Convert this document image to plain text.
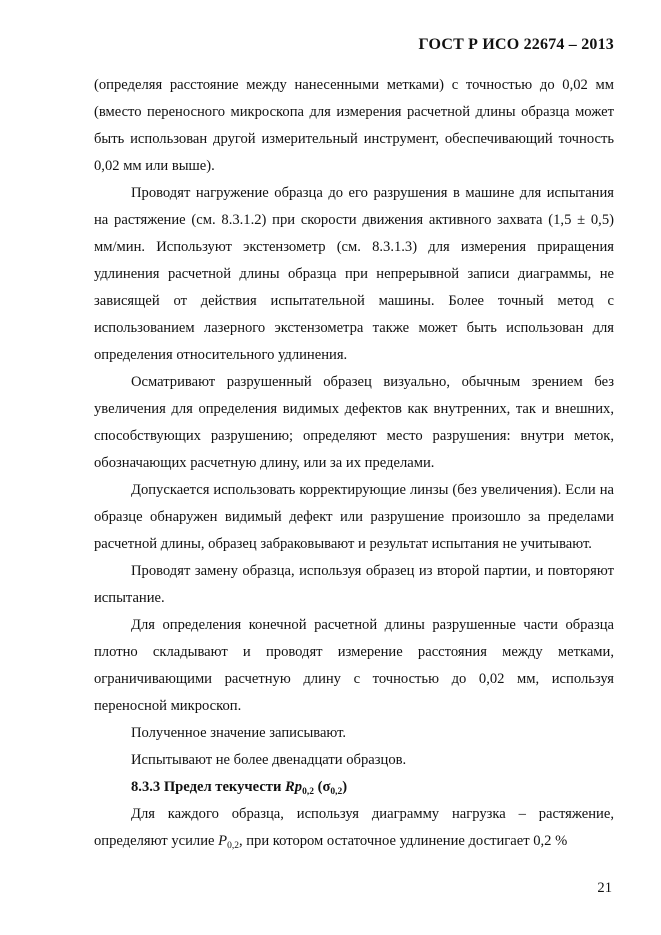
ГОСТ Р ИСО 22674 – 2013

(определяя расстояние между нанесенными метками) с точностью до 0,02 мм (вместо переносного микроскопа для измерения расчетной длины образца может быть использован другой измерительный инструмент, обеспечивающий точность 0,02 мм или выше).

Проводят нагружение образца до его разрушения в машине для испытания на растяжение (см. 8.3.1.2) при скорости движения активного захвата (1,5 ± 0,5) мм/мин. Используют экстензометр (см. 8.3.1.3) для измерения приращения удлинения расчетной длины образца при непрерывной записи диаграммы, не зависящей от действия испытательной машины. Более точный метод с использованием лазерного экстензометра также может быть использован для определения относительного удлинения.

Осматривают разрушенный образец визуально, обычным зрением без увеличения для определения видимых дефектов как внутренних, так и внешних, способствующих разрушению; определяют место разрушения: внутри меток, обозначающих расчетную длину, или за их пределами.

Допускается использовать корректирующие линзы (без увеличения). Если на образце обнаружен видимый дефект или разрушение произошло за пределами расчетной длины, образец забраковывают и результат испытания не учитывают.

Проводят замену образца, используя образец из второй партии, и повторяют испытание.

Для определения конечной расчетной длины разрушенные части образца плотно складывают и проводят измерение расстояния между метками, ограничивающими расчетную длину с точностью до 0,02 мм, используя переносной микроскоп.

Полученное значение записывают.

Испытывают не более двенадцати образцов.

8.3.3 Предел текучести $Rp_{0,2}$ $(\sigma_{0,2})$

Для каждого образца, используя диаграмму нагрузка – растяжение, определяют усилие $P_{0,2}$, при котором остаточное удлинение достигает 0,2 %

21
